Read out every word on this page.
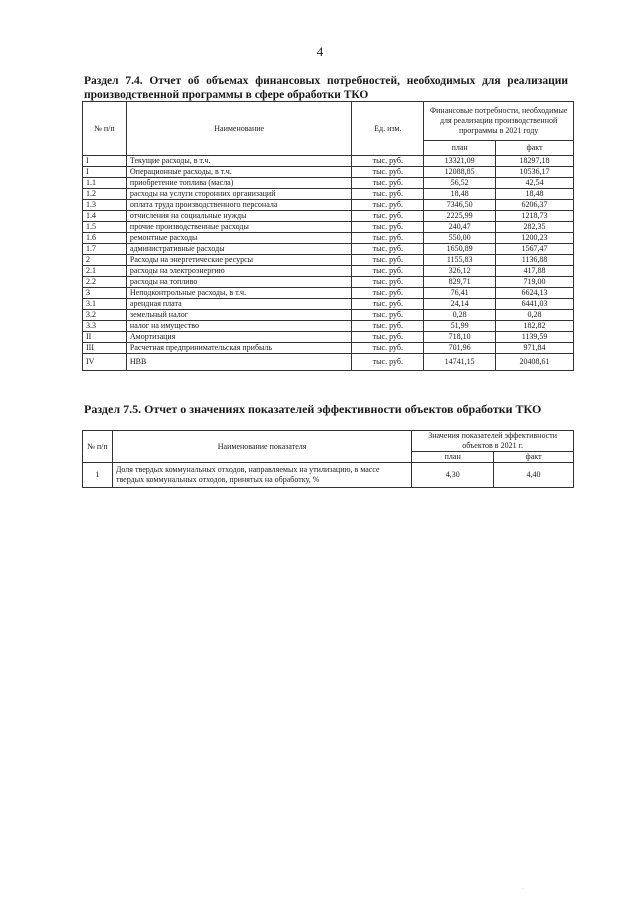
4
Раздел 7.4. Отчет об объемах финансовых потребностей, необходимых для реализации производственной программы в сфере обработки ТКО
№ п/п	Наименование	Ед. изм.	Финансовые потребности, необходимые для реализации производственной программы в 2021 году	
			план	факт
I	Текущие расходы, в т.ч.	тыс. руб.	13321,09	18297,18
I	Операционные расходы, в т.ч.	тыс. руб.	12088,85	10536,17
1.1	приобретение топлива (масла)	тыс. руб.	56,52	42,54
1.2	расходы на услуги сторонних организаций	тыс. руб.	18,48	18,48
1.3	оплата труда производственного персонала	тыс. руб.	7346,50	6206,37
1.4	отчисления на социальные нужды	тыс. руб.	2225,99	1218,73
1.5	прочие производственные расходы	тыс. руб.	240,47	282,35
1.6	ремонтные расходы	тыс. руб.	550,00	1200,23
1.7	административные расходы	тыс. руб.	1650,89	1567,47
2	Расходы на энергетические ресурсы	тыс. руб.	1155,83	1136,88
2.1	расходы на электроэнергию	тыс. руб.	326,12	417,88
2.2	расходы на топливо	тыс. руб.	829,71	719,00
3	Неподконтрольные расходы, в т.ч.	тыс. руб.	76,41	6624,13
3.1	арендная плата	тыс. руб.	24,14	6441,03
3.2	земельный налог	тыс. руб.	0,28	0,28
3.3	налог на имущество	тыс. руб.	51,99	182,82
II	Амортизация	тыс. руб.	718,10	1139,59
III	Расчетная предпринимательская прибыль	тыс. руб.	701,96	971,84
IV	НВВ	тыс. руб.	14741,15	20408,61
Раздел 7.5. Отчет о значениях показателей эффективности объектов обработки ТКО
№ п/п	Наименование показателя	Значения показателей эффективности объектов в 2021 г.	
		план	факт
1	Доля твердых коммунальных отходов, направляемых на утилизацию, в массе твердых коммунальных отходов, принятых на обработку, %	4,30	4,40
·
